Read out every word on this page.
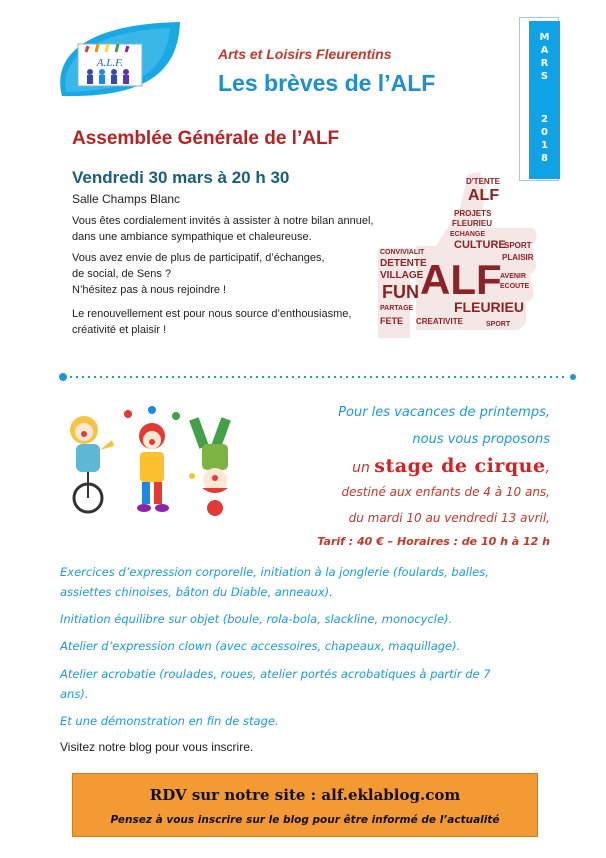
A.L.F.
Arts et Loisirs Fleurentins
Les brèves de l’ALF
M
A
R
S
2
0
1
8
Assemblée Générale de l’ALF
Vendredi 30 mars à 20 h 30
Salle Champs Blanc
Vous êtes cordialement invités à assister à notre bilan annuel,
dans une ambiance sympathique et chaleureuse.
Vous avez envie de plus de participatif, d’échanges,
de social, de Sens ?
N’hésitez pas à nous rejoindre !
Le renouvellement est pour nous source d’enthousiasme,
créativité et plaisir !
D'TENTE
ALF
PROJETS
FLEURIEU
CONVIVIALIT
DETENTE
ECHANGE
CULTURE
SPORT
VILLAGE
PLAISIR
FUN ALF
PARTAGE	FLEURIEU
AVENIR
ECOUTE
CREATIVITE
FETE	SPORT
Pour les vacances de printemps,
nous vous proposons
un stage de cirque,
destiné aux enfants de 4 à 10 ans,
du mardi 10 au vendredi 13 avril,
Tarif : 40 € – Horaires : de 10 h à 12 h
Exercices d’expression corporelle, initiation à la jonglerie (foulards, balles,
assiettes chinoises, bâton du Diable, anneaux).
Initiation équilibre sur objet (boule, rola-bola, slackline, monocycle).
Atelier d’expression clown (avec accessoires, chapeaux, maquillage).
Atelier acrobatie (roulades, roues, atelier portés acrobatiques à partir de 7
ans).
Et une démonstration en fin de stage.
Visitez notre blog pour vous inscrire.
RDV sur notre site : alf.eklablog.com
Pensez à vous inscrire sur le blog pour être informé de l’actualité
